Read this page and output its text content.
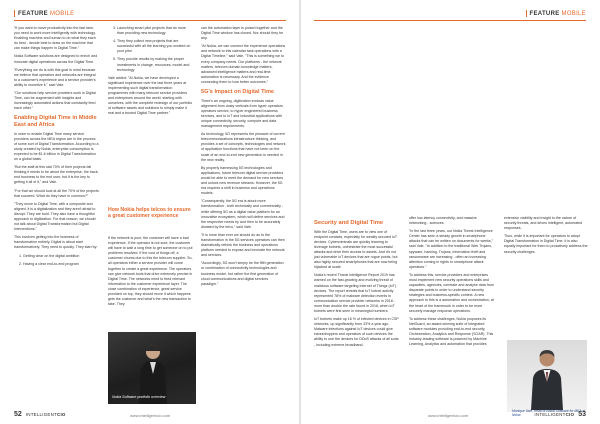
FEATURE MOBILE

"If you want to move productivity into the fast lane, you need to work more intelligently with technology. Enabling machine and human to do what they each do best - decide best to draw on the machine that can make things happen in Digital Time."

Nokia Software solutions are designed to enrich and innovate digital operations across the Digital Time.

"Everything we do is with this goal in mind because we believe that operators and networks are integral to a customer's experience and a service provider's ability to monetize it," said Vale.

"Our solutions help service providers work in Digital Time, can be augmented with insights and increasingly automated actions that constantly feed each other."

Enabling Digital Time in Middle East and Africa

In order to enable Digital Time many service providers across the MEA region are in the process of some sort of Digital Transformation. According to a study created by Nokia, enterprise consumption is expected to be $1.6 trillion in Digital Transformation on a global basis.

"But the staff at this stat 70% of their projects fail thinking it needs to be about the enterprise, the back-end business to the end user, but it is the key to getting it all of it," and Vale.

"For that we should look at all the 70% of the projects that succeed. What do they have in common?"

"They move to Digital Time, with a composite and aligned, it is a digitalization and they aren't afraid to disrupt. They are bold. They also have a thoughtful approach to digitization. For that reason, we should not talk about Digital Transformation but Digital Interventions."

This involves getting into the business of transformation entirely. Digital is about start transformatively. They need to quickly. They start by:

1. Getting clear on the digital ambition
2. Having a clear end-to-end program
3. Launching smart pilot projects that do more than providing new technology
4. They they collect new projects that are successful with all the learning you created on your pilot
5. They provide results by making the proper investments in change, resources, model and technology

Vale added: "At Nokia, we have developed a significant experience over the last three years at implementing such digital transformation programmes with many telecom service providers and enterprises around the world, starting with ourselves, with the complete redesign of our portfolio of software assets and solutions to simply make it real and a trusted Digital Time partner."

How Nokia helps telcos to ensure a great customer experience

If the network is poor, the customer will have a bad experience. If the operator is not sure, the customer will have to wait a long time to get someone on to put problems resolved. If the cost of things off, a customer churns due to this the telecom supplier. So, all operators either a service provider will come together to create a great experience. The operators can give network tools that drive extremely precise in Digital Time. The networks need to feed relevant information to the customer experience layer. The close combination of experience, great service provided on top, they should move it which happens gets the customer and what's the new transaction to take. They

Nokia Software portfolio overview

can the automation layer is poised together and the Digital Time window has closed. Nor should they be any.

"At Nokia, we can connect the experience operations and network to this calendar task operations with a Digital Timeline," said Vale. "This is something we to every company needs. Our platforms - the network matters, telecom domain knowledge matters, advanced intelligence matters and real-time automation is necessary. And the evidence connecting them to how better outcomes."

5G's Impact on Digital Time

There's an ongoing, digitization endows value alignment from dusty verticals from hyper operators operators service, to hyper engineered business services, and to IoT and industrial applications with unique connectivity, security, compute and data management requirements.

As technology, 5G represents the pinnacle of current telecommunications infrastructure thinking, and provides a set of concepts, technologies and network of application functions that have not been on the scale of an end-to-end new generation is needed in the new reality.

By properly harnessing 5G technologies and applications, future telecom digital service providers would be able to meet the demand for new services and unlock new revenue streams. However, the 5G era requires a shift in business and operations models.

"Consequently, the 5G era is about more transformation - both technically and commercially - while offering 5G as a digital value platform for an innovative ecosystem, which will define services and the respective needs by and then to be accurately dictated by the telco," said Vale.

"It is more than ever we should do as to the transformation in the 5G services operators can then dramatically rethink the business and operations platform needed to expose and innovate the network and services.

"Accordingly, 5G won't simply be the fifth generation or combination of connectivity technologies and business model, but rather the first generation of cloud communications and digital services paradigm."

52 INTELLIGENTCIO	www.intelligentcio.com
FEATURE MOBILE
Security and Digital Time

With the Digital Time, users are to view one of endpoint contacts, especially for weakly secured IoT devices. Cybercriminals are quickly learning to leverage botnets, orchestrate the most successful attacks and drive their access to assets. And it's not just vulnerable IoT devices that are rogue points, but also highly secured smartphones that are now being hijacked at scale.

Nokia's recent Threat Intelligence Report 2019 has warned on the fast-growing and evolving threat of malicious software targeting Internet of Things (IoT) devices. The report reveals that IoT botnet activity represented 78% of malware detection events in communication service provider networks in 2018 - more than double the rate found in 2016, when IoT botnets were first seen in meaningful numbers.

IoT botnets make up 16 % of infected devices in CSP networks, up significantly from 33% a year ago. Malware infections against IoT devices could give eavesdroppers and operators of such devices the ability to use the devices for DDoS attacks of all sorts - including extreme broadband,

offer low-latency connectivity, and massive networking - sciences.

"In the last three years, our Nokia Threat Intelligence Center has seen a steady growth in smartphone attacks that can be written on documents for weeks," said Vale. "In addition to the traditional Web Trojans, spyware, hacking, Trojans, information theft and ransomware are increasing - often an increasing attention coming in rights to smartphone attack operators."

To address this, service providers and enterprises must implement new security operations skills and capacities, agencies, correlate and analyse data from disparate points in order to understand security strategies and business-specific context. A new approach to this is a automation and orchestration, at the heart of the framework in order to be more securely manage response operations.

To address these challenges, Nokia proposes its NetGuard, an award-winning suite of integrated software modules providing end-to-end security, Orchestration, Analytics and Response (SOAR). This industry-leading software is powered by Machine Learning, Analytics and automation that provides

extensive visibility and insight to the nature of security threats, and drives intelligent, automated responses.

Thus, while it is important for operators to adopt Digital Transformation in Digital Time, it is also equally important for them to proactively address the security challenges.

Monique Vale, Head of Nokia Software for MEA at Nokia
www.intelligentcio.com	INTELLIGENTCIO 53
